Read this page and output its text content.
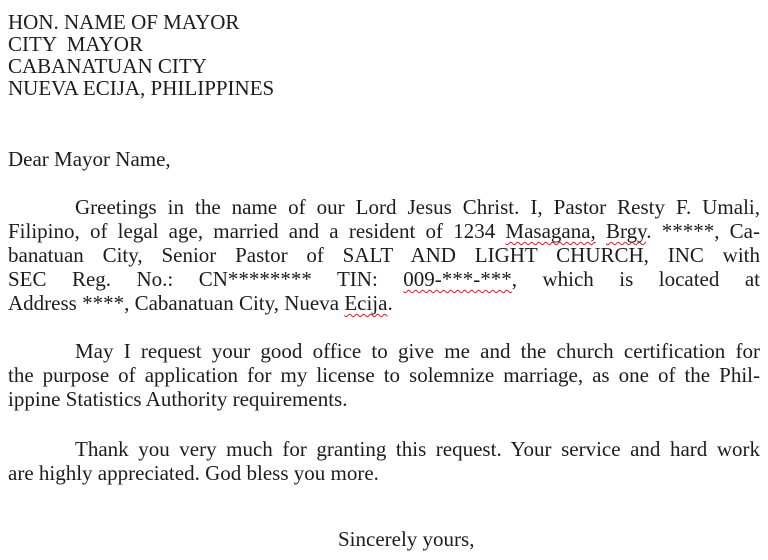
HON. NAME OF MAYOR
CITY  MAYOR
CABANATUAN CITY
NUEVA ECIJA, PHILIPPINES
Dear Mayor Name,
Greetings in the name of our Lord Jesus Christ. I, Pastor Resty F. Umali,
Filipino, of legal age, married and a resident of 1234 Masagana, Brgy. *****, Ca-
banatuan City, Senior Pastor of SALT AND LIGHT CHURCH, INC with
SEC Reg. No.: CN******** TIN: 009-***-***, which is located at
Address ****, Cabanatuan City, Nueva Ecija.
May I request your good office to give me and the church certification for
the purpose of application for my license to solemnize marriage, as one of the Phil-
ippine Statistics Authority requirements.
Thank you very much for granting this request. Your service and hard work
are highly appreciated. God bless you more.
Sincerely yours,
